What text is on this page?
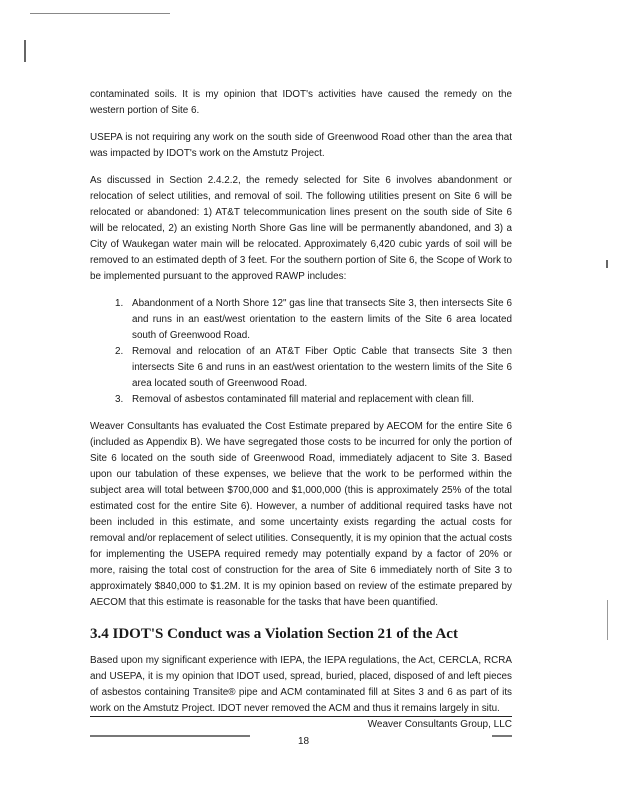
contaminated soils. It is my opinion that IDOT's activities have caused the remedy on the western portion of Site 6.

USEPA is not requiring any work on the south side of Greenwood Road other than the area that was impacted by IDOT's work on the Amstutz Project.

As discussed in Section 2.4.2.2, the remedy selected for Site 6 involves abandonment or relocation of select utilities, and removal of soil. The following utilities present on Site 6 will be relocated or abandoned: 1) AT&T telecommunication lines present on the south side of Site 6 will be relocated, 2) an existing North Shore Gas line will be permanently abandoned, and 3) a City of Waukegan water main will be relocated. Approximately 6,420 cubic yards of soil will be removed to an estimated depth of 3 feet. For the southern portion of Site 6, the Scope of Work to be implemented pursuant to the approved RAWP includes:

1. Abandonment of a North Shore 12" gas line that transects Site 3, then intersects Site 6 and runs in an east/west orientation to the eastern limits of the Site 6 area located south of Greenwood Road.
2. Removal and relocation of an AT&T Fiber Optic Cable that transects Site 3 then intersects Site 6 and runs in an east/west orientation to the western limits of the Site 6 area located south of Greenwood Road.
3. Removal of asbestos contaminated fill material and replacement with clean fill.

Weaver Consultants has evaluated the Cost Estimate prepared by AECOM for the entire Site 6 (included as Appendix B). We have segregated those costs to be incurred for only the portion of Site 6 located on the south side of Greenwood Road, immediately adjacent to Site 3. Based upon our tabulation of these expenses, we believe that the work to be performed within the subject area will total between $700,000 and $1,000,000 (this is approximately 25% of the total estimated cost for the entire Site 6). However, a number of additional required tasks have not been included in this estimate, and some uncertainty exists regarding the actual costs for removal and/or replacement of select utilities. Consequently, it is my opinion that the actual costs for implementing the USEPA required remedy may potentially expand by a factor of 20% or more, raising the total cost of construction for the area of Site 6 immediately north of Site 3 to approximately $840,000 to $1.2M. It is my opinion based on review of the estimate prepared by AECOM that this estimate is reasonable for the tasks that have been quantified.

3.4 IDOT'S Conduct was a Violation Section 21 of the Act

Based upon my significant experience with IEPA, the IEPA regulations, the Act, CERCLA, RCRA and USEPA, it is my opinion that IDOT used, spread, buried, placed, disposed of and left pieces of asbestos containing Transite® pipe and ACM contaminated fill at Sites 3 and 6 as part of its work on the Amstutz Project. IDOT never removed the ACM and thus it remains largely in situ.

Weaver Consultants Group, LLC
18
